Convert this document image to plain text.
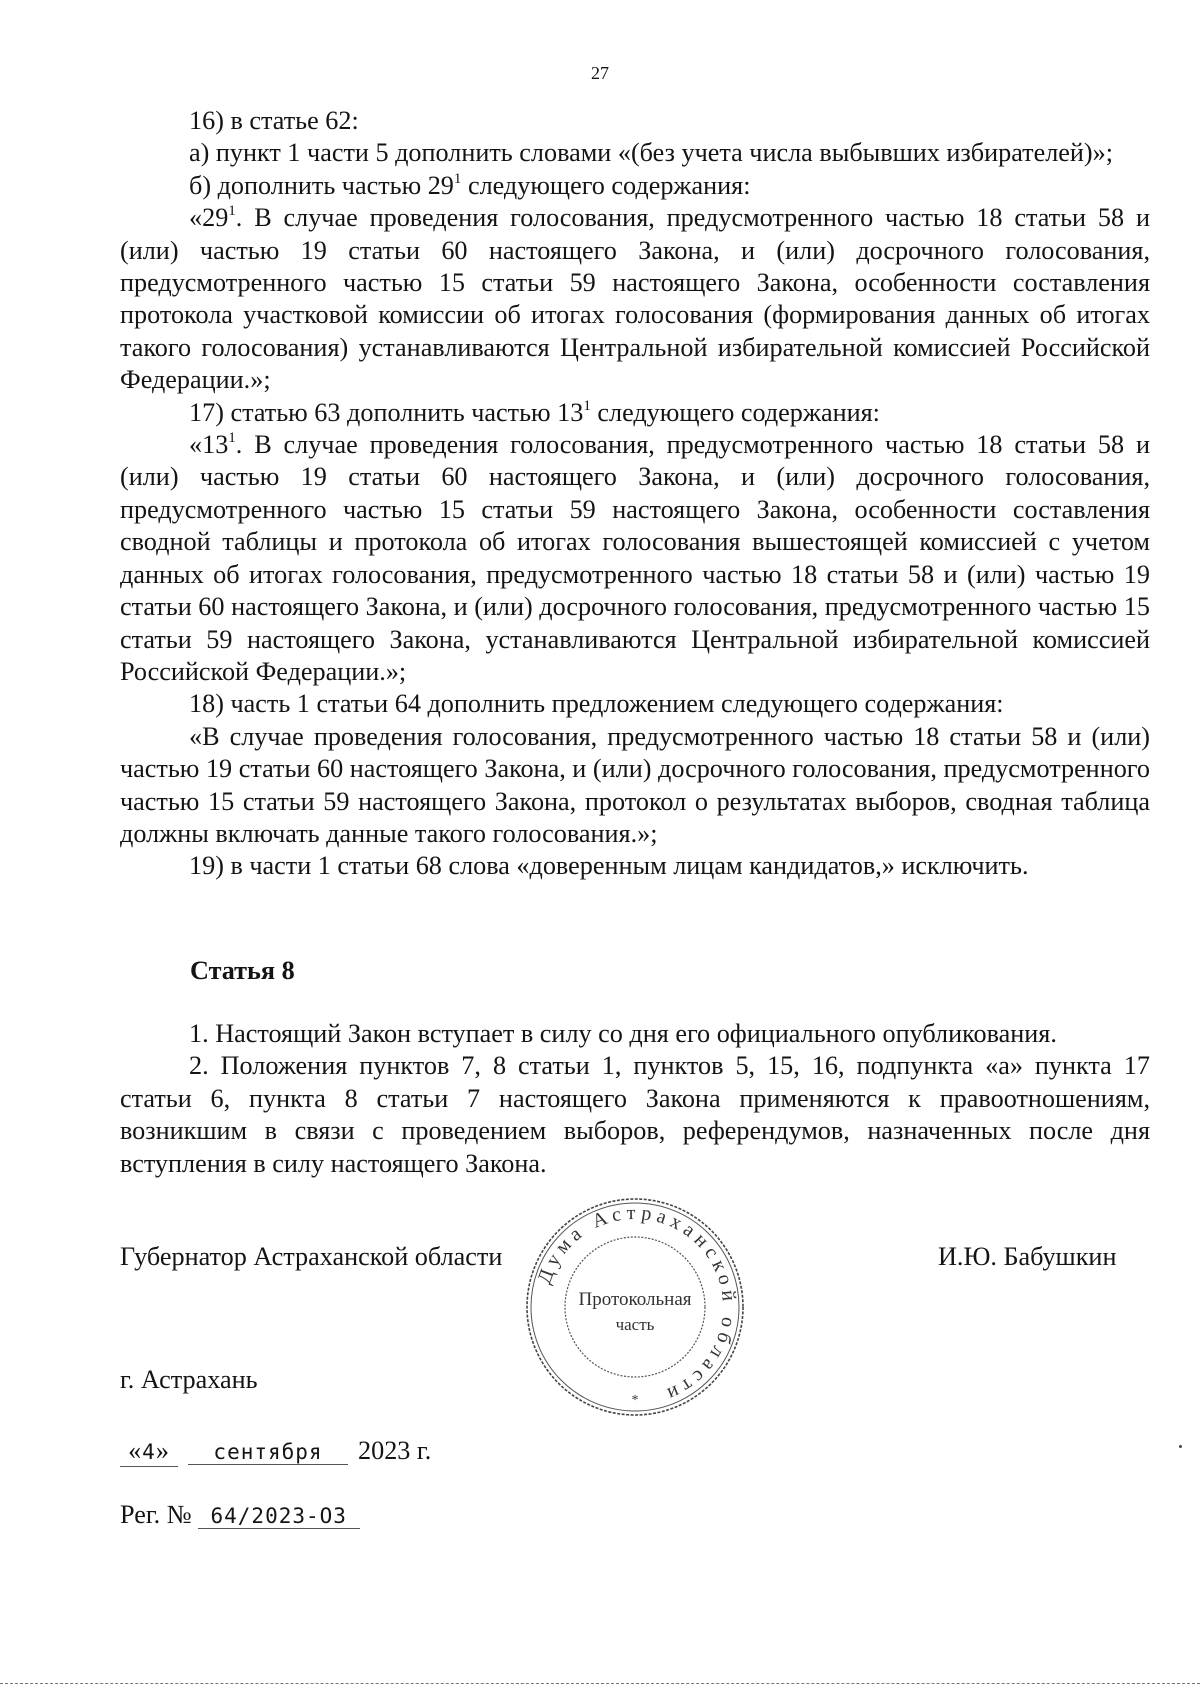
27

16) в статье 62:

а) пункт 1 части 5 дополнить словами «(без учета числа выбывших избирателей)»;

б) дополнить частью $29^1$ следующего содержания:

«$29^1$. В случае проведения голосования, предусмотренного частью 18 статьи 58 и (или) частью 19 статьи 60 настоящего Закона, и (или) досрочного голосования, предусмотренного частью 15 статьи 59 настоящего Закона, особенности составления протокола участковой комиссии об итогах голосования (формирования данных об итогах такого голосования) устанавливаются Центральной избирательной комиссией Российской Федерации.»;

17) статью 63 дополнить частью $13^1$ следующего содержания:

«$13^1$. В случае проведения голосования, предусмотренного частью 18 статьи 58 и (или) частью 19 статьи 60 настоящего Закона, и (или) досрочного голосования, предусмотренного частью 15 статьи 59 настоящего Закона, особенности составления сводной таблицы и протокола об итогах голосования вышестоящей комиссией с учетом данных об итогах голосования, предусмотренного частью 18 статьи 58 и (или) частью 19 статьи 60 настоящего Закона, и (или) досрочного голосования, предусмотренного частью 15 статьи 59 настоящего Закона, устанавливаются Центральной избирательной комиссией Российской Федерации.»;

18) часть 1 статьи 64 дополнить предложением следующего содержания:

«В случае проведения голосования, предусмотренного частью 18 статьи 58 и (или) частью 19 статьи 60 настоящего Закона, и (или) досрочного голосования, предусмотренного частью 15 статьи 59 настоящего Закона, протокол о результатах выборов, сводная таблица должны включать данные такого голосования.»;

19) в части 1 статьи 68 слова «доверенным лицам кандидатов,» исключить.

Статья 8

1. Настоящий Закон вступает в силу со дня его официального опубликования.

2. Положения пунктов 7, 8 статьи 1, пунктов 5, 15, 16, подпункта «а» пункта 17 статьи 6, пункта 8 статьи 7 настоящего Закона применяются к правоотношениям, возникшим в связи с проведением выборов, референдумов, назначенных после дня вступления в силу настоящего Закона.

Губернатор Астраханской области	И.Ю. Бабушкин
Дума Астраханской области
Протокольная
часть
*
г. Астрахань
«4» сентября 2023 г.
Рег. № 64/2023-ОЗ
